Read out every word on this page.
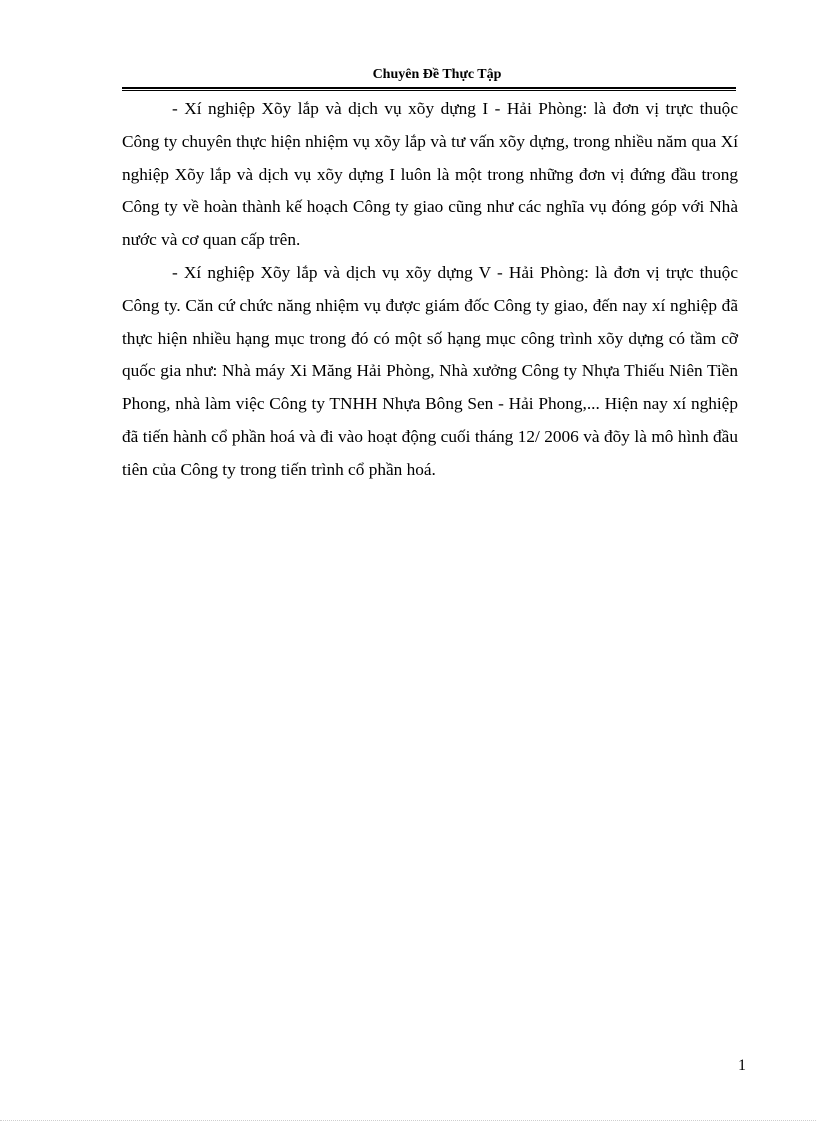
Chuyên Đề Thực Tập

- Xí nghiệp Xõy lắp và dịch vụ xõy dựng I - Hải Phòng: là đơn vị trực thuộc Công ty chuyên thực hiện nhiệm vụ xõy lắp và tư vấn xõy dựng, trong nhiều năm qua Xí nghiệp Xõy lắp và dịch vụ xõy dựng I luôn là một trong những đơn vị đứng đầu trong Công ty về hoàn thành kế hoạch Công ty giao cũng như các nghĩa vụ đóng góp với Nhà nước và cơ quan cấp trên.

- Xí nghiệp Xõy lắp và dịch vụ xõy dựng V - Hải Phòng: là đơn vị trực thuộc Công ty. Căn cứ chức năng nhiệm vụ được giám đốc Công ty giao, đến nay xí nghiệp đã thực hiện nhiều hạng mục trong đó có một số hạng mục công trình xõy dựng có tầm cỡ quốc gia như: Nhà máy Xi Măng Hải Phòng, Nhà xưởng Công ty Nhựa Thiếu Niên Tiền Phong, nhà làm việc Công ty TNHH Nhựa Bông Sen - Hải Phong,... Hiện nay xí nghiệp đã tiến hành cổ phần hoá và đi vào hoạt động cuối tháng 12/ 2006 và đõy là mô hình đầu tiên của Công ty trong tiến trình cổ phần hoá.

1
